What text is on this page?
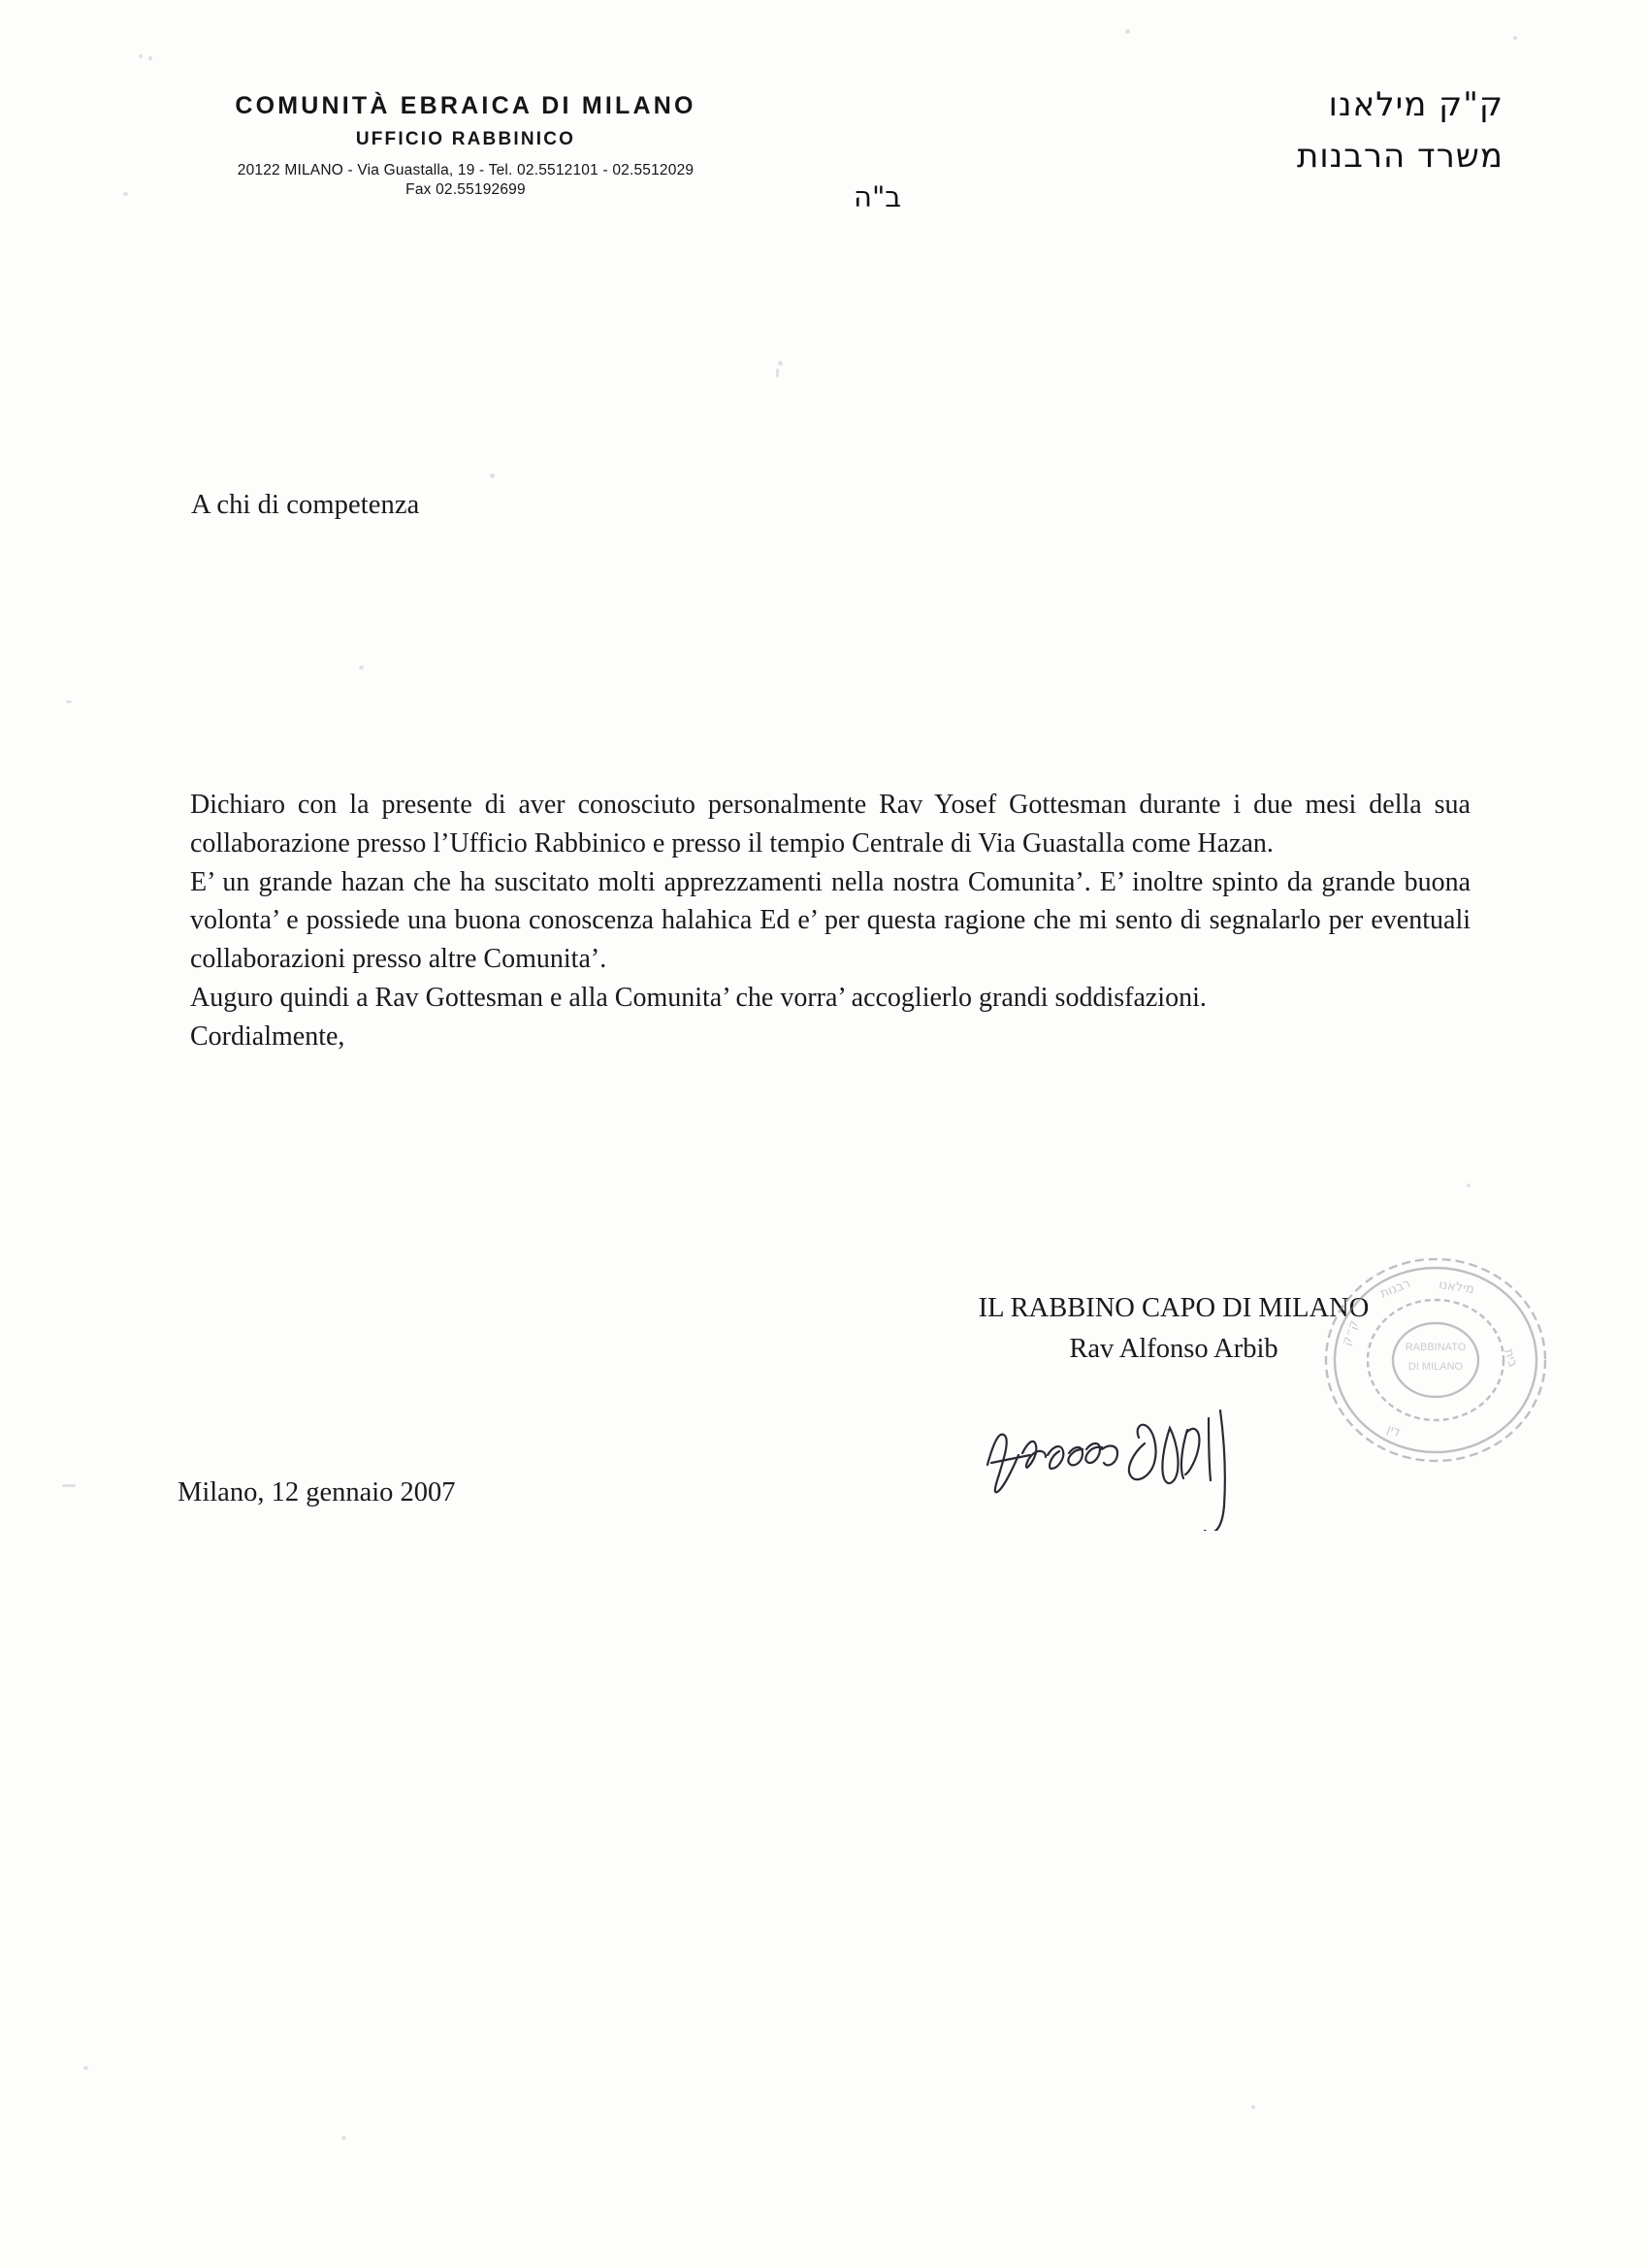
COMUNITÀ EBRAICA DI MILANO
UFFICIO RABBINICO
20122 MILANO - Via Guastalla, 19 - Tel. 02.5512101 - 02.5512029
Fax 02.55192699
ק"ק מילאנו
משרד הרבנות
ב"ה
A chi di competenza

Dichiaro con la presente di aver conosciuto personalmente Rav Yosef Gottesman durante i due mesi della sua collaborazione presso l’Ufficio Rabbinico e presso il tempio Centrale di Via Guastalla come Hazan.

E’ un grande hazan che ha suscitato molti apprezzamenti nella nostra Comunita’. E’ inoltre spinto da grande buona volonta’ e possiede una buona conoscenza halahica Ed e’ per questa ragione che mi sento di segnalarlo per eventuali collaborazioni presso altre Comunita’.

Auguro quindi a Rav Gottesman e alla Comunita’ che vorra’ accoglierlo grandi soddisfazioni.

Cordialmente,

IL RABBINO CAPO DI MILANO
Rav Alfonso Arbib
רבנות מילאנו
ק״ק
בית
דין
RABBINATO
DI MILANO
Milano, 12 gennaio 2007
